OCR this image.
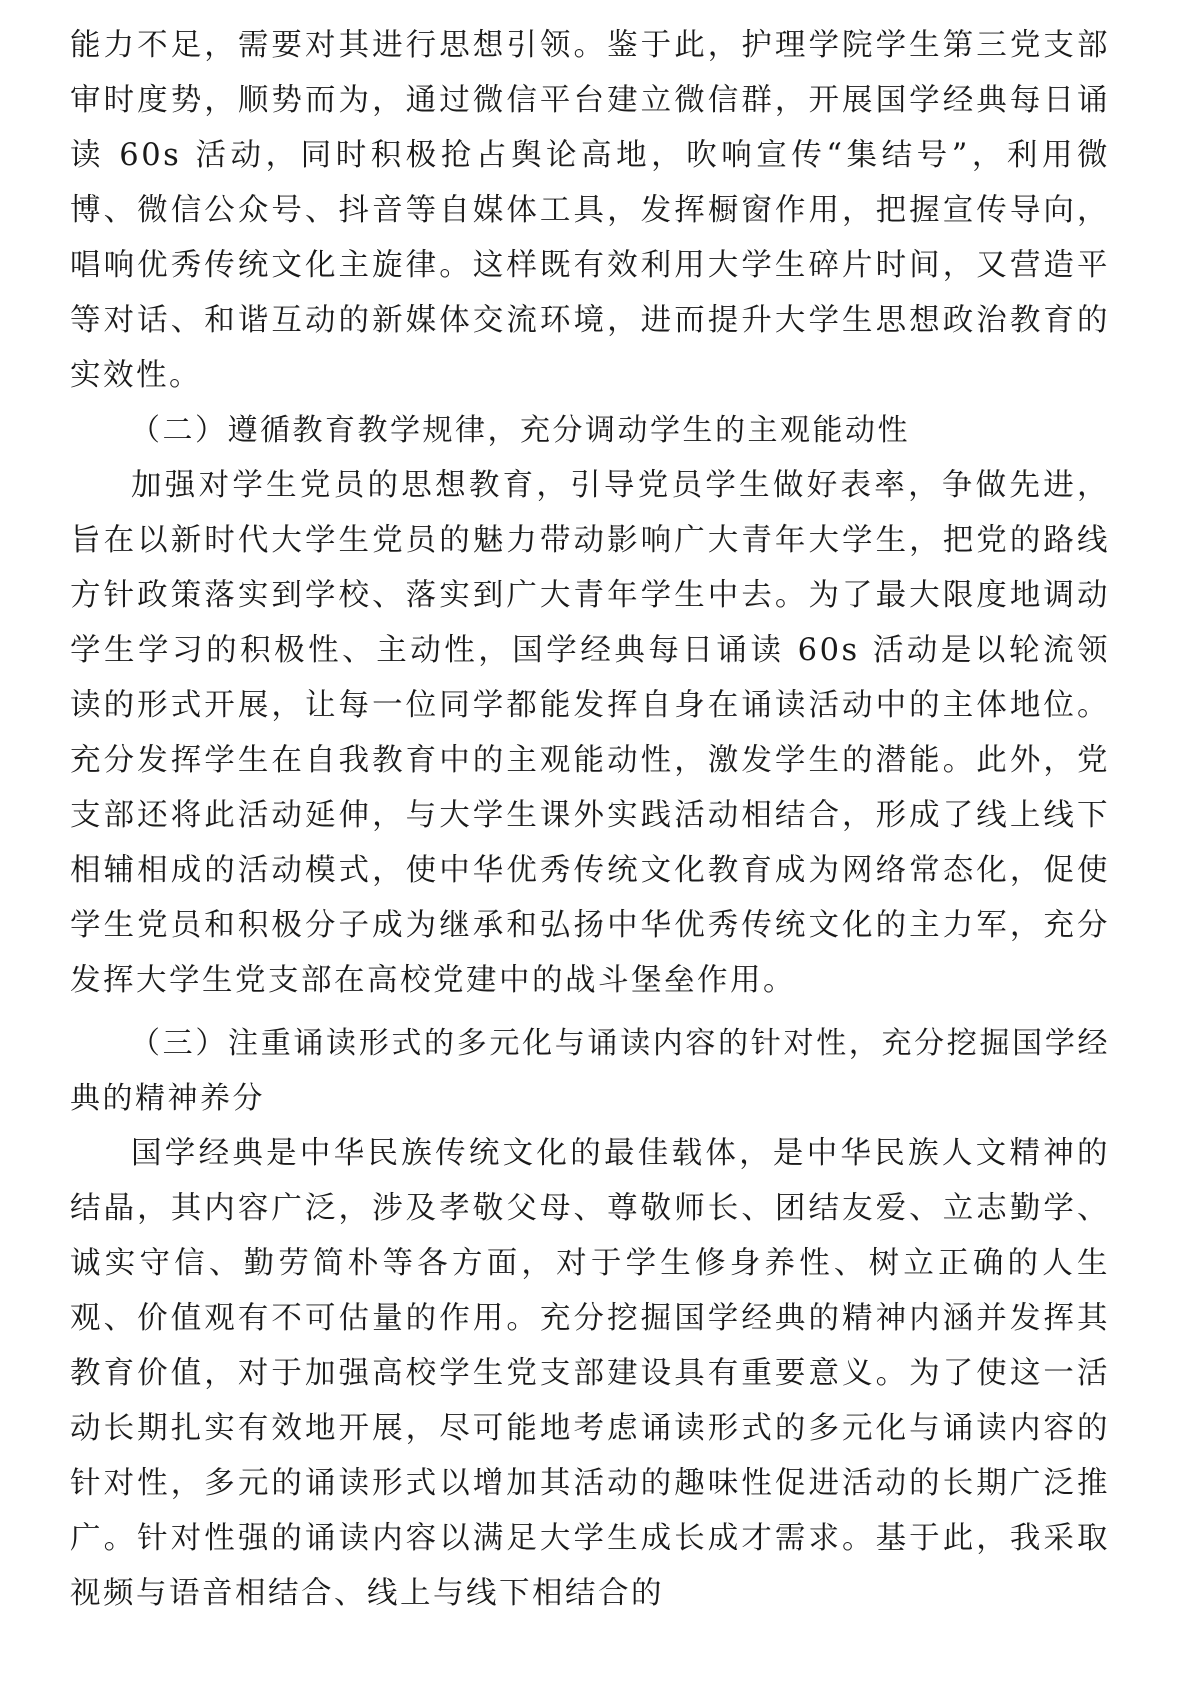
能力不足，需要对其进行思想引领。鉴于此，护理学院学生第三党支部审时度势，顺势而为，通过微信平台建立微信群，开展国学经典每日诵读 60s 活动，同时积极抢占舆论高地，吹响宣传“集结号”，利用微博、微信公众号、抖音等自媒体工具，发挥橱窗作用，把握宣传导向，唱响优秀传统文化主旋律。这样既有效利用大学生碎片时间，又营造平等对话、和谐互动的新媒体交流环境，进而提升大学生思想政治教育的实效性。

（二）遵循教育教学规律，充分调动学生的主观能动性

加强对学生党员的思想教育，引导党员学生做好表率，争做先进，旨在以新时代大学生党员的魅力带动影响广大青年大学生，把党的路线方针政策落实到学校、落实到广大青年学生中去。为了最大限度地调动学生学习的积极性、主动性，国学经典每日诵读 60s 活动是以轮流领读的形式开展，让每一位同学都能发挥自身在诵读活动中的主体地位。充分发挥学生在自我教育中的主观能动性，激发学生的潜能。此外，党支部还将此活动延伸，与大学生课外实践活动相结合，形成了线上线下相辅相成的活动模式，使中华优秀传统文化教育成为网络常态化，促使学生党员和积极分子成为继承和弘扬中华优秀传统文化的主力军，充分发挥大学生党支部在高校党建中的战斗堡垒作用。

（三）注重诵读形式的多元化与诵读内容的针对性，充分挖掘国学经典的精神养分

国学经典是中华民族传统文化的最佳载体，是中华民族人文精神的结晶，其内容广泛，涉及孝敬父母、尊敬师长、团结友爱、立志勤学、诚实守信、勤劳简朴等各方面，对于学生修身养性、树立正确的人生观、价值观有不可估量的作用。充分挖掘国学经典的精神内涵并发挥其教育价值，对于加强高校学生党支部建设具有重要意义。为了使这一活动长期扎实有效地开展，尽可能地考虑诵读形式的多元化与诵读内容的针对性，多元的诵读形式以增加其活动的趣味性促进活动的长期广泛推广。针对性强的诵读内容以满足大学生成长成才需求。基于此，我采取视频与语音相结合、线上与线下相结合的
